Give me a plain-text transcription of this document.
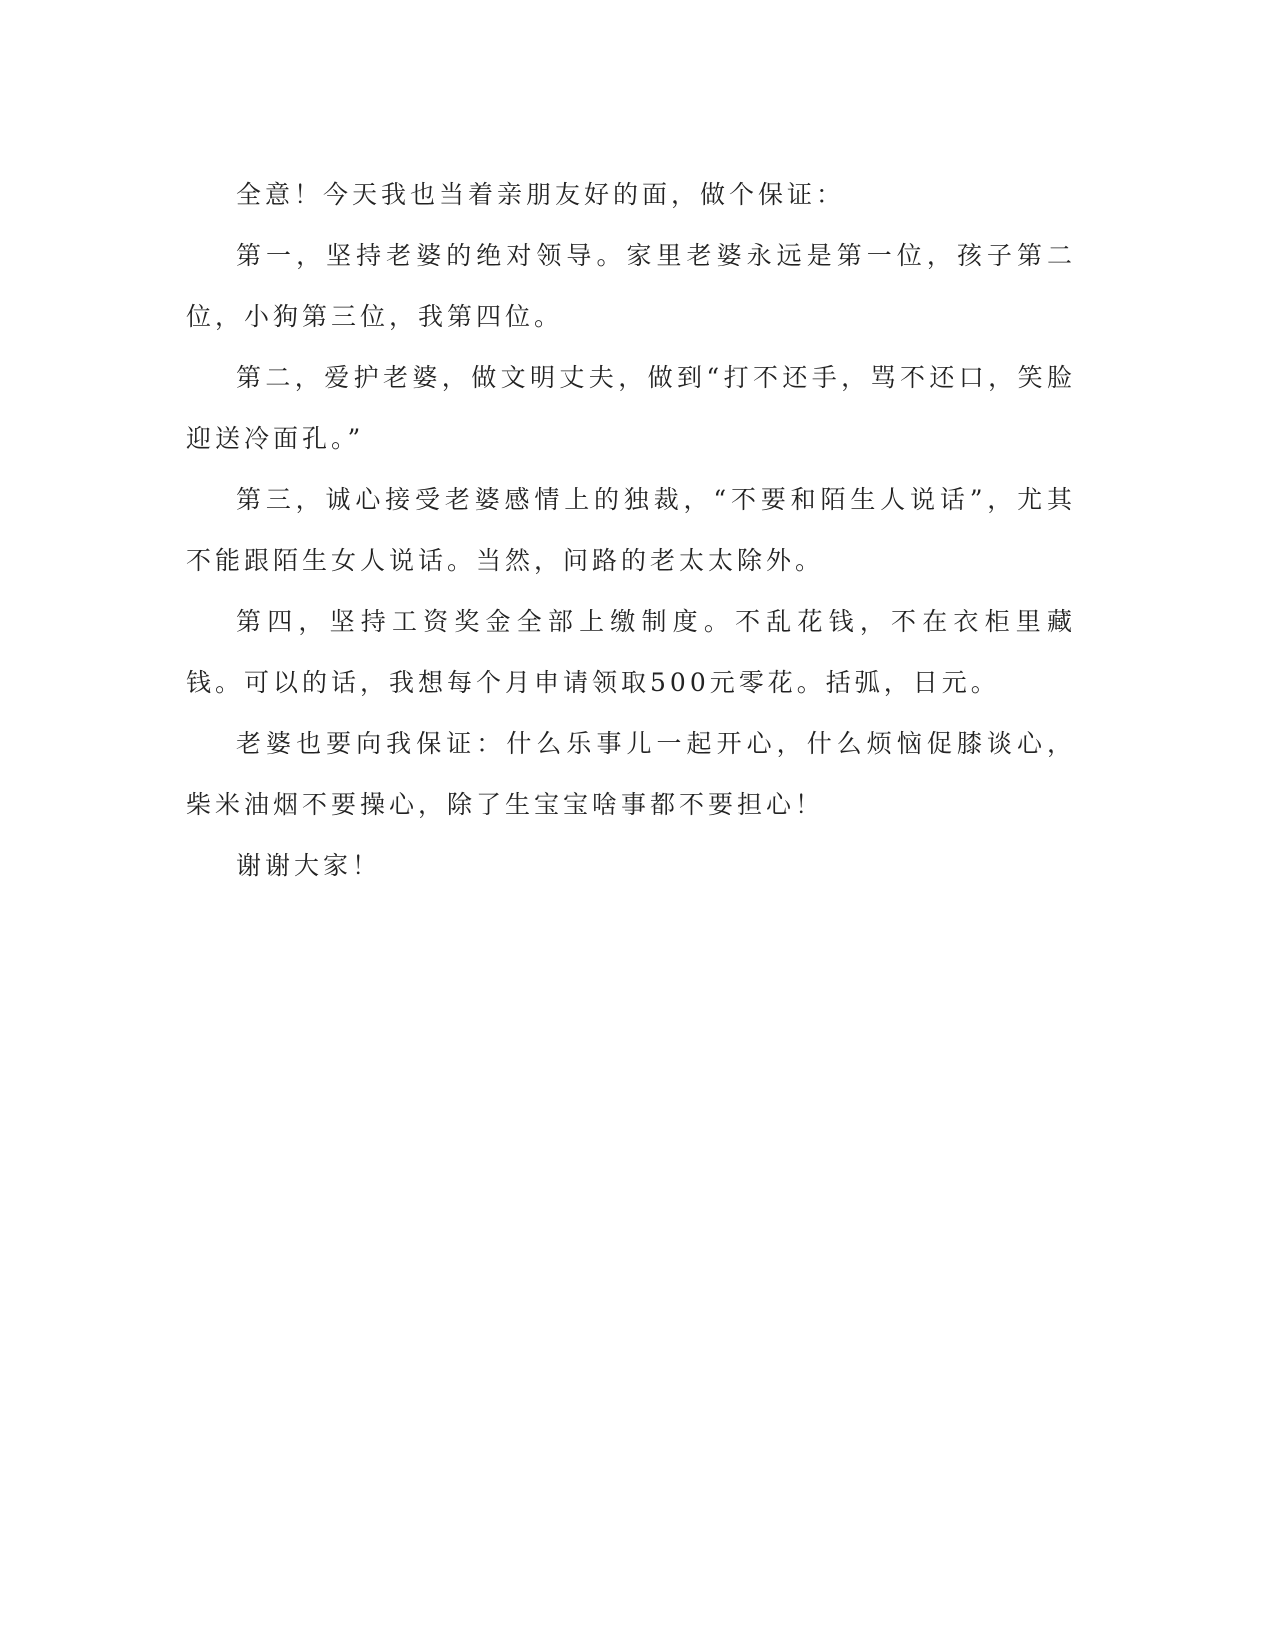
全意！今天我也当着亲朋友好的面，做个保证：

第一，坚持老婆的绝对领导。家里老婆永远是第一位，孩子第二位，小狗第三位，我第四位。

第二，爱护老婆，做文明丈夫，做到“打不还手，骂不还口，笑脸迎送冷面孔。”

第三，诚心接受老婆感情上的独裁，“不要和陌生人说话”，尤其不能跟陌生女人说话。当然，问路的老太太除外。

第四，坚持工资奖金全部上缴制度。不乱花钱，不在衣柜里藏钱。可以的话，我想每个月申请领取500元零花。括弧，日元。

老婆也要向我保证：什么乐事儿一起开心，什么烦恼促膝谈心，柴米油烟不要操心，除了生宝宝啥事都不要担心！

谢谢大家！
